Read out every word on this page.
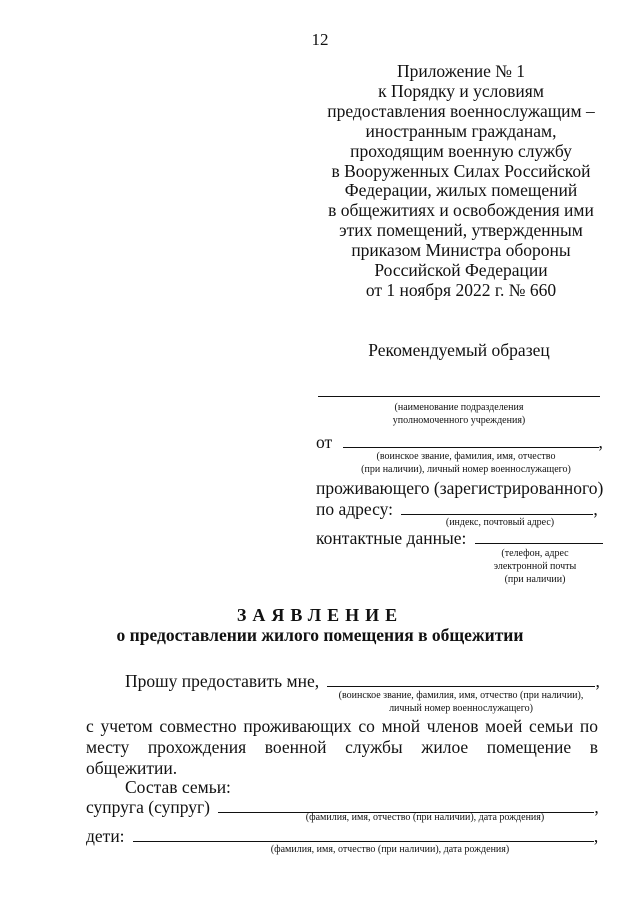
12
Приложение № 1
к Порядку и условиям
предоставления военнослужащим –
иностранным гражданам,
проходящим военную службу
в Вооруженных Силах Российской
Федерации, жилых помещений
в общежитиях и освобождения ими
этих помещений, утвержденным
приказом Министра обороны
Российской Федерации
от 1 ноября 2022 г. № 660
Рекомендуемый образец
(наименование подразделения
уполномоченного учреждения)
от	,
(воинское звание, фамилия, имя, отчество
(при наличии), личный номер военнослужащего)
проживающего (зарегистрированного)
по адресу:	,
(индекс, почтовый адрес)
контактные данные:
(телефон, адрес
электронной почты
(при наличии)
ЗАЯВЛЕНИЕ
о предоставлении жилого помещения в общежитии
Прошу предоставить мне,	,
(воинское звание, фамилия, имя, отчество (при наличии),
личный номер военнослужащего)
с учетом совместно проживающих со мной членов моей семьи по месту прохождения военной службы жилое помещение в общежитии.
Состав семьи:
супруга (супруг)	,
(фамилия, имя, отчество (при наличии), дата рождения)
дети:	,
(фамилия, имя, отчество (при наличии), дата рождения)
